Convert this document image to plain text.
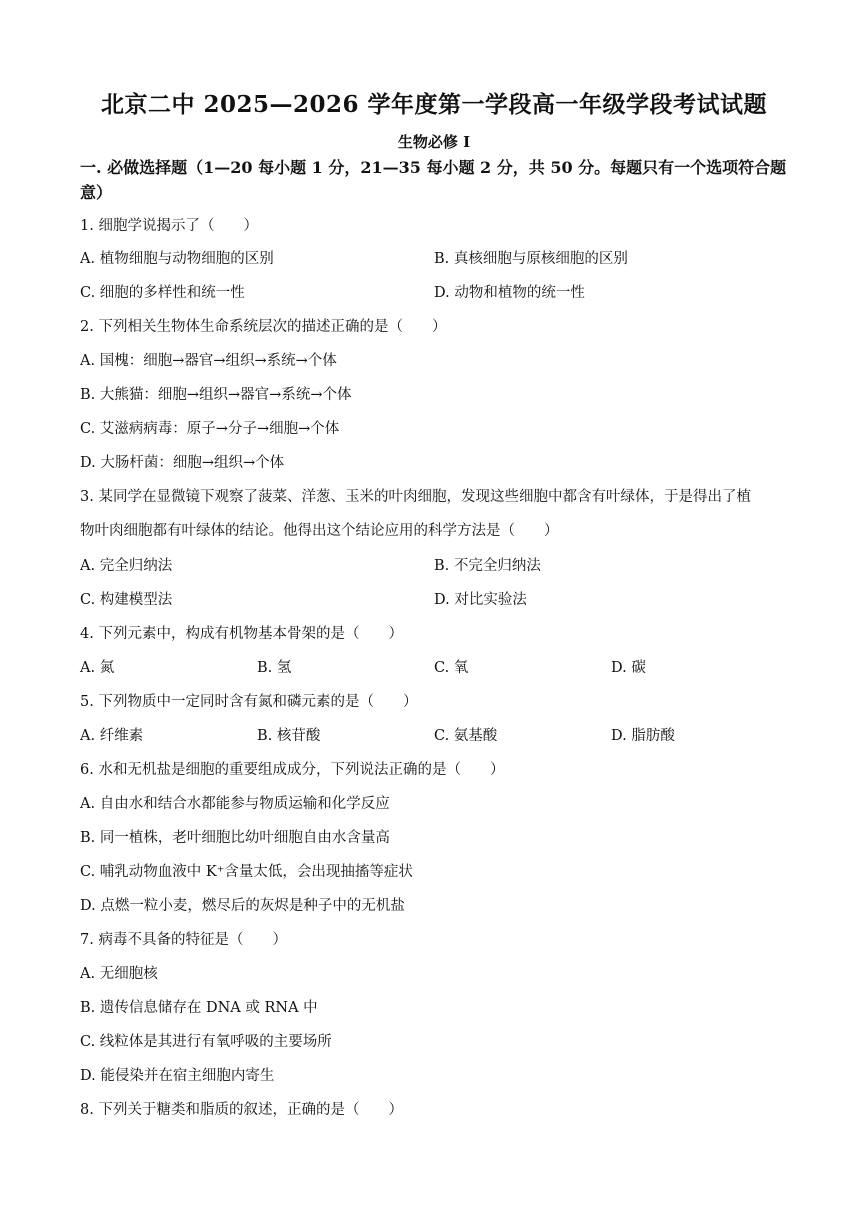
北京二中 2025—2026 学年度第一学段高一年级学段考试试题
生物必修 I
一. 必做选择题（1—20 每小题 1 分，21—35 每小题 2 分，共 50 分。每题只有一个选项符合题意）
1. 细胞学说揭示了（　　）
A. 植物细胞与动物细胞的区别	B. 真核细胞与原核细胞的区别
C. 细胞的多样性和统一性	D. 动物和植物的统一性
2. 下列相关生物体生命系统层次的描述正确的是（　　）
A. 国槐：细胞→器官→组织→系统→个体
B. 大熊猫：细胞→组织→器官→系统→个体
C. 艾滋病病毒：原子→分子→细胞→个体
D. 大肠杆菌：细胞→组织→个体
3. 某同学在显微镜下观察了菠菜、洋葱、玉米的叶肉细胞，发现这些细胞中都含有叶绿体，于是得出了植
物叶肉细胞都有叶绿体的结论。他得出这个结论应用的科学方法是（　　）
A. 完全归纳法	B. 不完全归纳法
C. 构建模型法	D. 对比实验法
4. 下列元素中，构成有机物基本骨架的是（　　）
A. 氮	B. 氢	C. 氧	D. 碳
5. 下列物质中一定同时含有氮和磷元素的是（　　）
A. 纤维素	B. 核苷酸	C. 氨基酸	D. 脂肪酸
6. 水和无机盐是细胞的重要组成成分，下列说法正确的是（　　）
A. 自由水和结合水都能参与物质运输和化学反应
B. 同一植株，老叶细胞比幼叶细胞自由水含量高
C. 哺乳动物血液中 K⁺含量太低，会出现抽搐等症状
D. 点燃一粒小麦，燃尽后的灰烬是种子中的无机盐
7. 病毒不具备的特征是（　　）
A. 无细胞核
B. 遗传信息储存在 DNA 或 RNA 中
C. 线粒体是其进行有氧呼吸的主要场所
D. 能侵染并在宿主细胞内寄生
8. 下列关于糖类和脂质的叙述，正确的是（　　）
